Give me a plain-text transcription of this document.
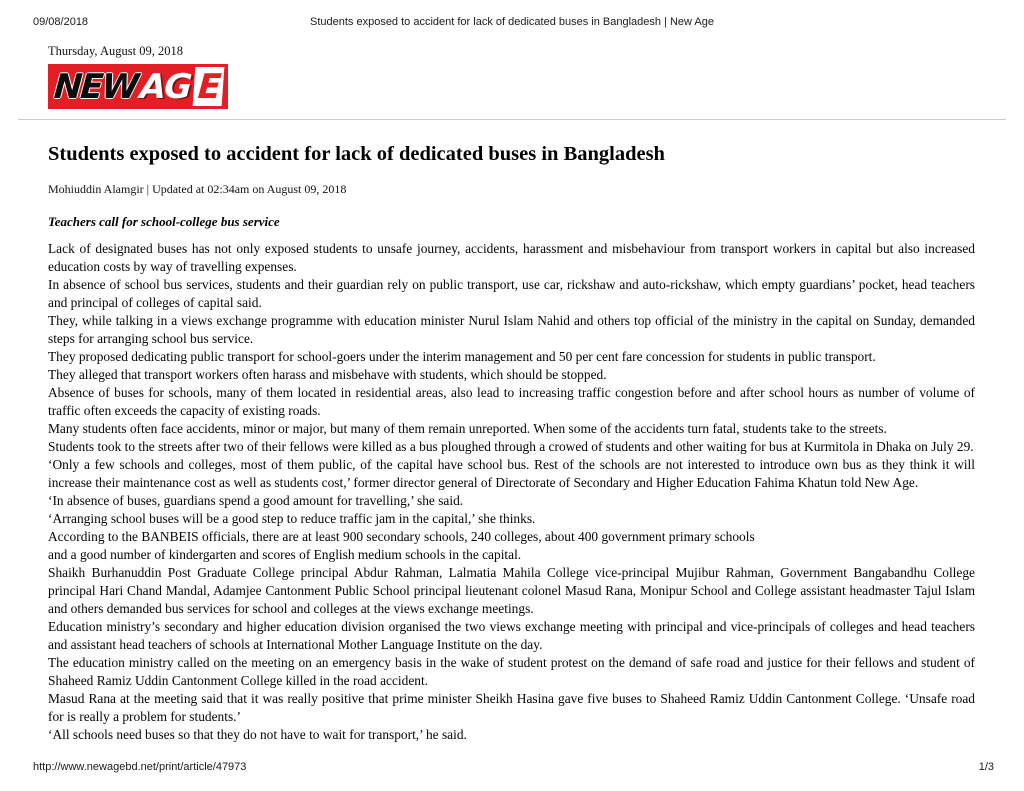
09/08/2018	Students exposed to accident for lack of dedicated buses in Bangladesh | New Age
Thursday, August 09, 2018
NEW AG E
Students exposed to accident for lack of dedicated buses in Bangladesh
Mohiuddin Alamgir | Updated at 02:34am on August 09, 2018
Teachers call for school-college bus service

Lack of designated buses has not only exposed students to unsafe journey, accidents, harassment and misbehaviour from transport workers in capital but also increased education costs by way of travelling expenses.

In absence of school bus services, students and their guardian rely on public transport, use car, rickshaw and auto-rickshaw, which empty guardians’ pocket, head teachers and principal of colleges of capital said.

They, while talking in a views exchange programme with education minister Nurul Islam Nahid and others top official of the ministry in the capital on Sunday, demanded steps for arranging school bus service.

They proposed dedicating public transport for school-goers under the interim management and 50 per cent fare concession for students in public transport.

They alleged that transport workers often harass and misbehave with students, which should be stopped.

Absence of buses for schools, many of them located in residential areas, also lead to increasing traffic congestion before and after school hours as number of volume of traffic often exceeds the capacity of existing roads.

Many students often face accidents, minor or major, but many of them remain unreported. When some of the accidents turn fatal, students take to the streets.

Students took to the streets after two of their fellows were killed as a bus ploughed through a crowed of students and other waiting for bus at Kurmitola in Dhaka on July 29.

‘Only a few schools and colleges, most of them public, of the capital have school bus. Rest of the schools are not interested to introduce own bus as they think it will increase their maintenance cost as well as students cost,’ former director general of Directorate of Secondary and Higher Education Fahima Khatun told New Age.

‘In absence of buses, guardians spend a good amount for travelling,’ she said.

‘Arranging school buses will be a good step to reduce traffic jam in the capital,’ she thinks.

According to the BANBEIS officials, there are at least 900 secondary schools, 240 colleges, about 400 government primary schools

and a good number of kindergarten and scores of English medium schools in the capital.

Shaikh Burhanuddin Post Graduate College principal Abdur Rahman, Lalmatia Mahila College vice-principal Mujibur Rahman, Government Bangabandhu College principal Hari Chand Mandal, Adamjee Cantonment Public School principal lieutenant colonel Masud Rana, Monipur School and College assistant headmaster Tajul Islam and others demanded bus services for school and colleges at the views exchange meetings.

Education ministry’s secondary and higher education division organised the two views exchange meeting with principal and vice-principals of colleges and head teachers and assistant head teachers of schools at International Mother Language Institute on the day.

The education ministry called on the meeting on an emergency basis in the wake of student protest on the demand of safe road and justice for their fellows and student of Shaheed Ramiz Uddin Cantonment College killed in the road accident.

Masud Rana at the meeting said that it was really positive that prime minister Sheikh Hasina gave five buses to Shaheed Ramiz Uddin Cantonment College. ‘Unsafe road for is really a problem for students.’

‘All schools need buses so that they do not have to wait for transport,’ he said.

http://www.newagebd.net/print/article/47973	1/3
